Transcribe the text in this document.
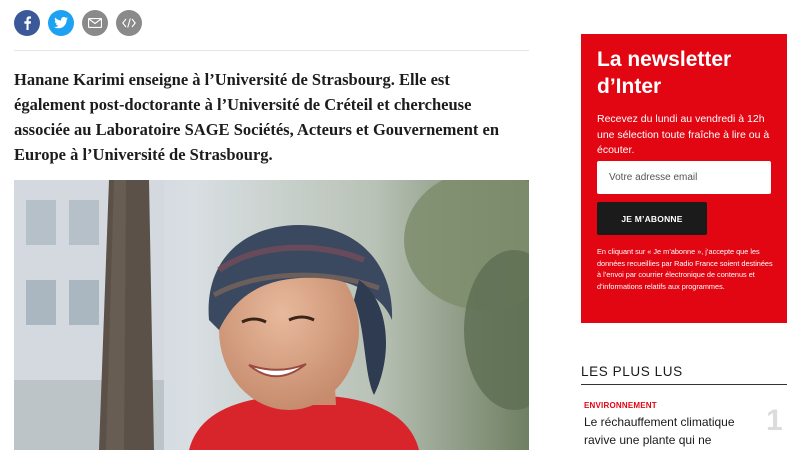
Hanane Karimi enseigne à l’Université de Strasbourg. Elle est également post-doctorante à l’Université de Créteil et chercheuse associée au Laboratoire SAGE Sociétés, Acteurs et Gouvernement en Europe à l’Université de Strasbourg.

La newsletter d’Inter

Recevez du lundi au vendredi à 12h une sélection toute fraîche à lire ou à écouter.

Votre adresse email
JE M’ABONNE

En cliquant sur « Je m’abonne », j’accepte que les données recueillies par Radio France soient destinées à l’envoi par courrier électronique de contenus et d’informations relatifs aux programmes.

LES PLUS LUS
ENVIRONNEMENT

Le réchauffement climatique ravive une plante qui ne

1
